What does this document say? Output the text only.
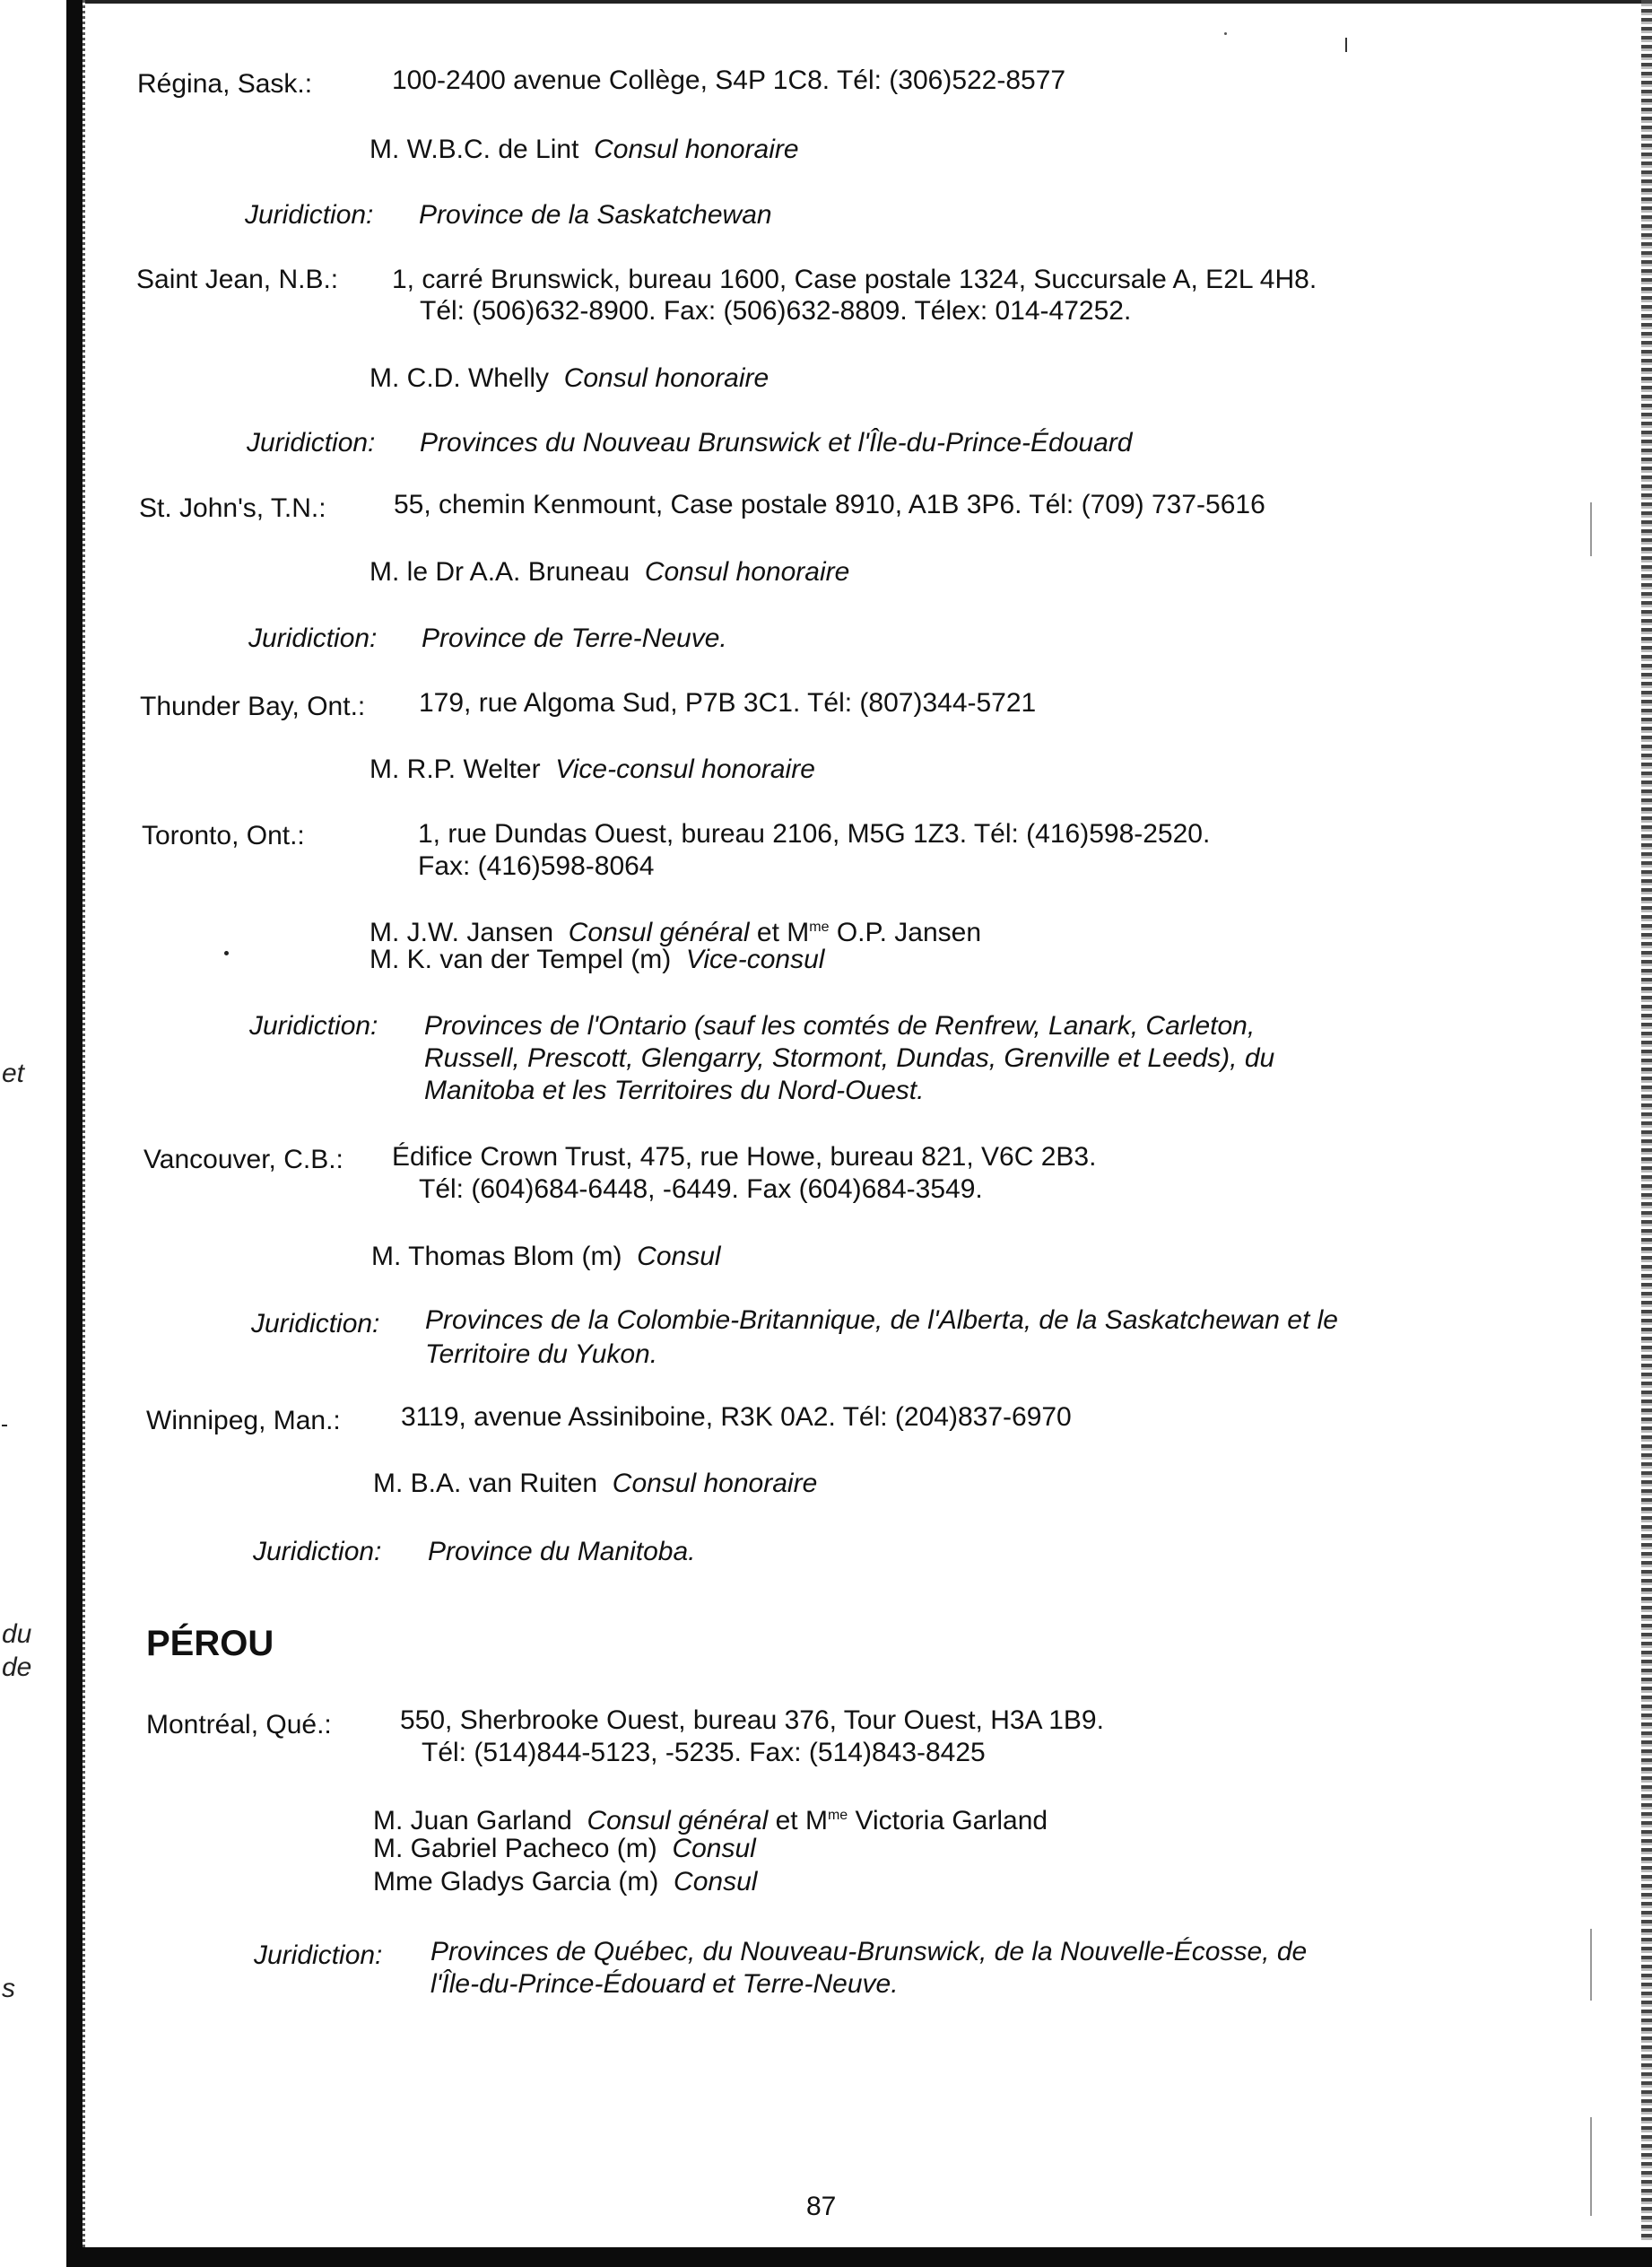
et
du
de
s
Régina, Sask.:	100-2400 avenue Collège, S4P 1C8. Tél: (306)522-8577
M. W.B.C. de Lint Consul honoraire
Juridiction: Province de la Saskatchewan
Saint Jean, N.B.: 1, carré Brunswick, bureau 1600, Case postale 1324, Succursale A, E2L 4H8.
Tél: (506)632-8900. Fax: (506)632-8809. Télex: 014-47252.
M. C.D. Whelly Consul honoraire
Juridiction: Provinces du Nouveau Brunswick et l'Île-du-Prince-Édouard
St. John's, T.N.:	55, chemin Kenmount, Case postale 8910, A1B 3P6. Tél: (709) 737-5616
M. le Dr A.A. Bruneau Consul honoraire
Juridiction: Province de Terre-Neuve.
Thunder Bay, Ont.: 179, rue Algoma Sud, P7B 3C1. Tél: (807)344-5721
M. R.P. Welter Vice-consul honoraire
Toronto, Ont.:	1, rue Dundas Ouest, bureau 2106, M5G 1Z3. Tél: (416)598-2520.
Fax: (416)598-8064
M. J.W. Jansen Consul général et $M^{me}$ O.P. Jansen
M. K. van der Tempel (m) Vice-consul
Juridiction: Provinces de l'Ontario (sauf les comtés de Renfrew, Lanark, Carleton,
Russell, Prescott, Glengarry, Stormont, Dundas, Grenville et Leeds), du
Manitoba et les Territoires du Nord-Ouest.
Vancouver, C.B.: Édifice Crown Trust, 475, rue Howe, bureau 821, V6C 2B3.
Tél: (604)684-6448, -6449. Fax (604)684-3549.
M. Thomas Blom (m) Consul
Juridiction: Provinces de la Colombie-Britannique, de l'Alberta, de la Saskatchewan et le
Territoire du Yukon.
Winnipeg, Man.: 3119, avenue Assiniboine, R3K 0A2. Tél: (204)837-6970
M. B.A. van Ruiten Consul honoraire
Juridiction: Province du Manitoba.
PÉROU
Montréal, Qué.:	550, Sherbrooke Ouest, bureau 376, Tour Ouest, H3A 1B9.
Tél: (514)844-5123, -5235. Fax: (514)843-8425
M. Juan Garland Consul général et $M^{me}$ Victoria Garland
M. Gabriel Pacheco (m) Consul
Mme Gladys Garcia (m) Consul
Juridiction: Provinces de Québec, du Nouveau-Brunswick, de la Nouvelle-Écosse, de
l'Île-du-Prince-Édouard et Terre-Neuve.
87
